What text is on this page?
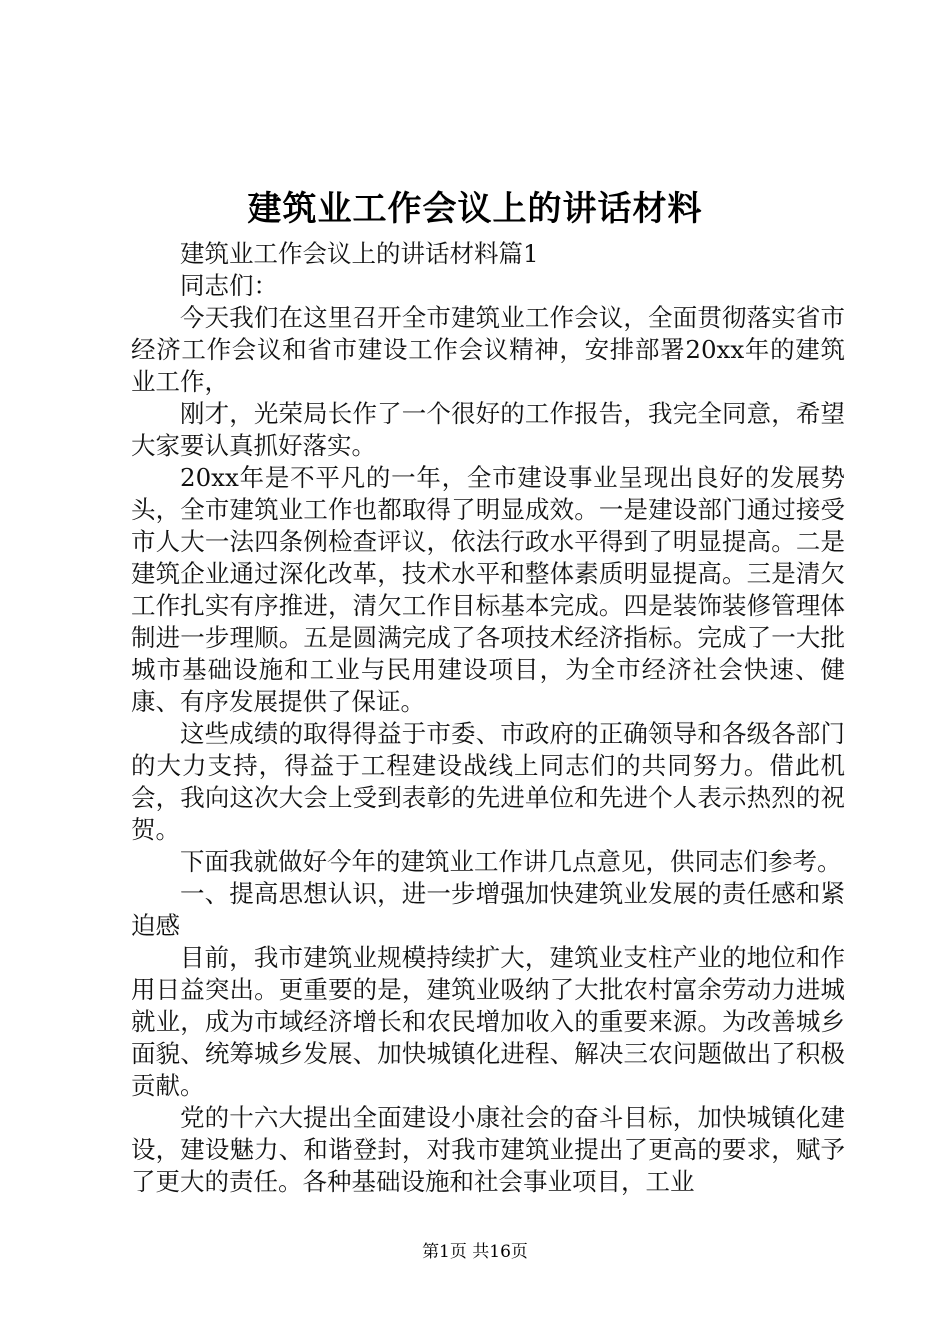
建筑业工作会议上的讲话材料

建筑业工作会议上的讲话材料篇1

同志们：

今天我们在这里召开全市建筑业工作会议，全面贯彻落实省市经济工作会议和省市建设工作会议精神，安排部署20xx年的建筑业工作，

刚才，光荣局长作了一个很好的工作报告，我完全同意，希望大家要认真抓好落实。

20xx年是不平凡的一年，全市建设事业呈现出良好的发展势头，全市建筑业工作也都取得了明显成效。一是建设部门通过接受市人大一法四条例检查评议，依法行政水平得到了明显提高。二是建筑企业通过深化改革，技术水平和整体素质明显提高。三是清欠工作扎实有序推进，清欠工作目标基本完成。四是装饰装修管理体制进一步理顺。五是圆满完成了各项技术经济指标。完成了一大批城市基础设施和工业与民用建设项目，为全市经济社会快速、健康、有序发展提供了保证。

这些成绩的取得得益于市委、市政府的正确领导和各级各部门的大力支持，得益于工程建设战线上同志们的共同努力。借此机会，我向这次大会上受到表彰的先进单位和先进个人表示热烈的祝贺。

下面我就做好今年的建筑业工作讲几点意见，供同志们参考。

一、提高思想认识，进一步增强加快建筑业发展的责任感和紧迫感

目前，我市建筑业规模持续扩大，建筑业支柱产业的地位和作用日益突出。更重要的是，建筑业吸纳了大批农村富余劳动力进城就业，成为市域经济增长和农民增加收入的重要来源。为改善城乡面貌、统筹城乡发展、加快城镇化进程、解决三农问题做出了积极贡献。

党的十六大提出全面建设小康社会的奋斗目标，加快城镇化建设，建设魅力、和谐登封，对我市建筑业提出了更高的要求，赋予了更大的责任。各种基础设施和社会事业项目，工业

第1页 共16页
